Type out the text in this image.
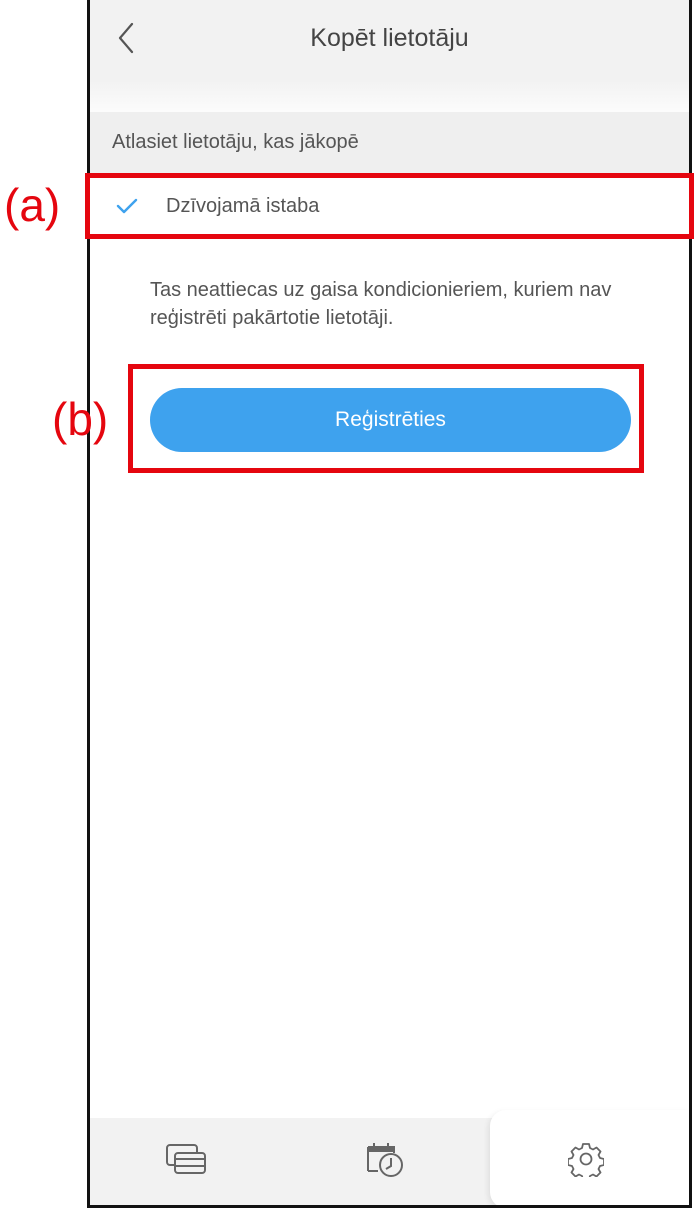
Kopēt lietotāju
Atlasiet lietotāju, kas jākopē
Dzīvojamā istaba
Tas neattiecas uz gaisa kondicionieriem, kuriem nav reģistrēti pakārtotie lietotāji.
Reģistrēties
(a)
(b)
